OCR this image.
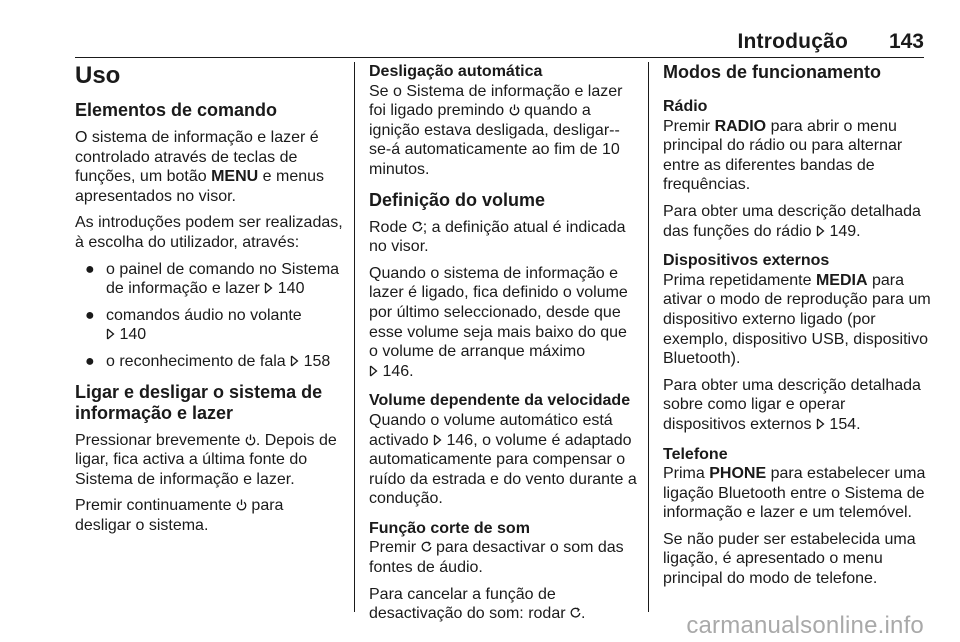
Introdução 143
Uso
Elementos de comando

O sistema de informação e lazer é controlado através de teclas de funções, um botão MENU e menus apresentados no visor.

As introduções podem ser realizadas, à escolha do utilizador, através:

● o painel de comando no Sistema de informação e lazer  140
● comandos áudio no volante
140
● o reconhecimento de fala  158
Ligar e desligar o sistema de informação e lazer

Pressionar brevemente . Depois de ligar, fica activa a última fonte do Sistema de informação e lazer.

Premir continuamente  para desligar o sistema.

Desligação automática

Se o Sistema de informação e lazer foi ligado premindo  quando a ignição estava desligada, desligar--se-á automaticamente ao fim de 10 minutos.

Definição do volume

Rode ; a definição atual é indicada no visor.

Quando o sistema de informação e lazer é ligado, fica definido o volume por último seleccionado, desde que esse volume seja mais baixo do que o volume de arranque máximo
146.

Volume dependente da velocidade

Quando o volume automático está activado  146, o volume é adaptado automaticamente para compensar o ruído da estrada e do vento durante a condução.

Função corte de som

Premir  para desactivar o som das fontes de áudio.

Para cancelar a função de desactivação do som: rodar .

Modos de funcionamento
Rádio

Premir RADIO para abrir o menu principal do rádio ou para alternar entre as diferentes bandas de frequências.

Para obter uma descrição detalhada das funções do rádio  149.

Dispositivos externos

Prima repetidamente MEDIA para ativar o modo de reprodução para um dispositivo externo ligado (por exemplo, dispositivo USB, dispositivo Bluetooth).

Para obter uma descrição detalhada sobre como ligar e operar dispositivos externos  154.

Telefone

Prima PHONE para estabelecer uma ligação Bluetooth entre o Sistema de informação e lazer e um telemóvel.

Se não puder ser estabelecida uma ligação, é apresentado o menu principal do modo de telefone.

carmanualsonline.info
